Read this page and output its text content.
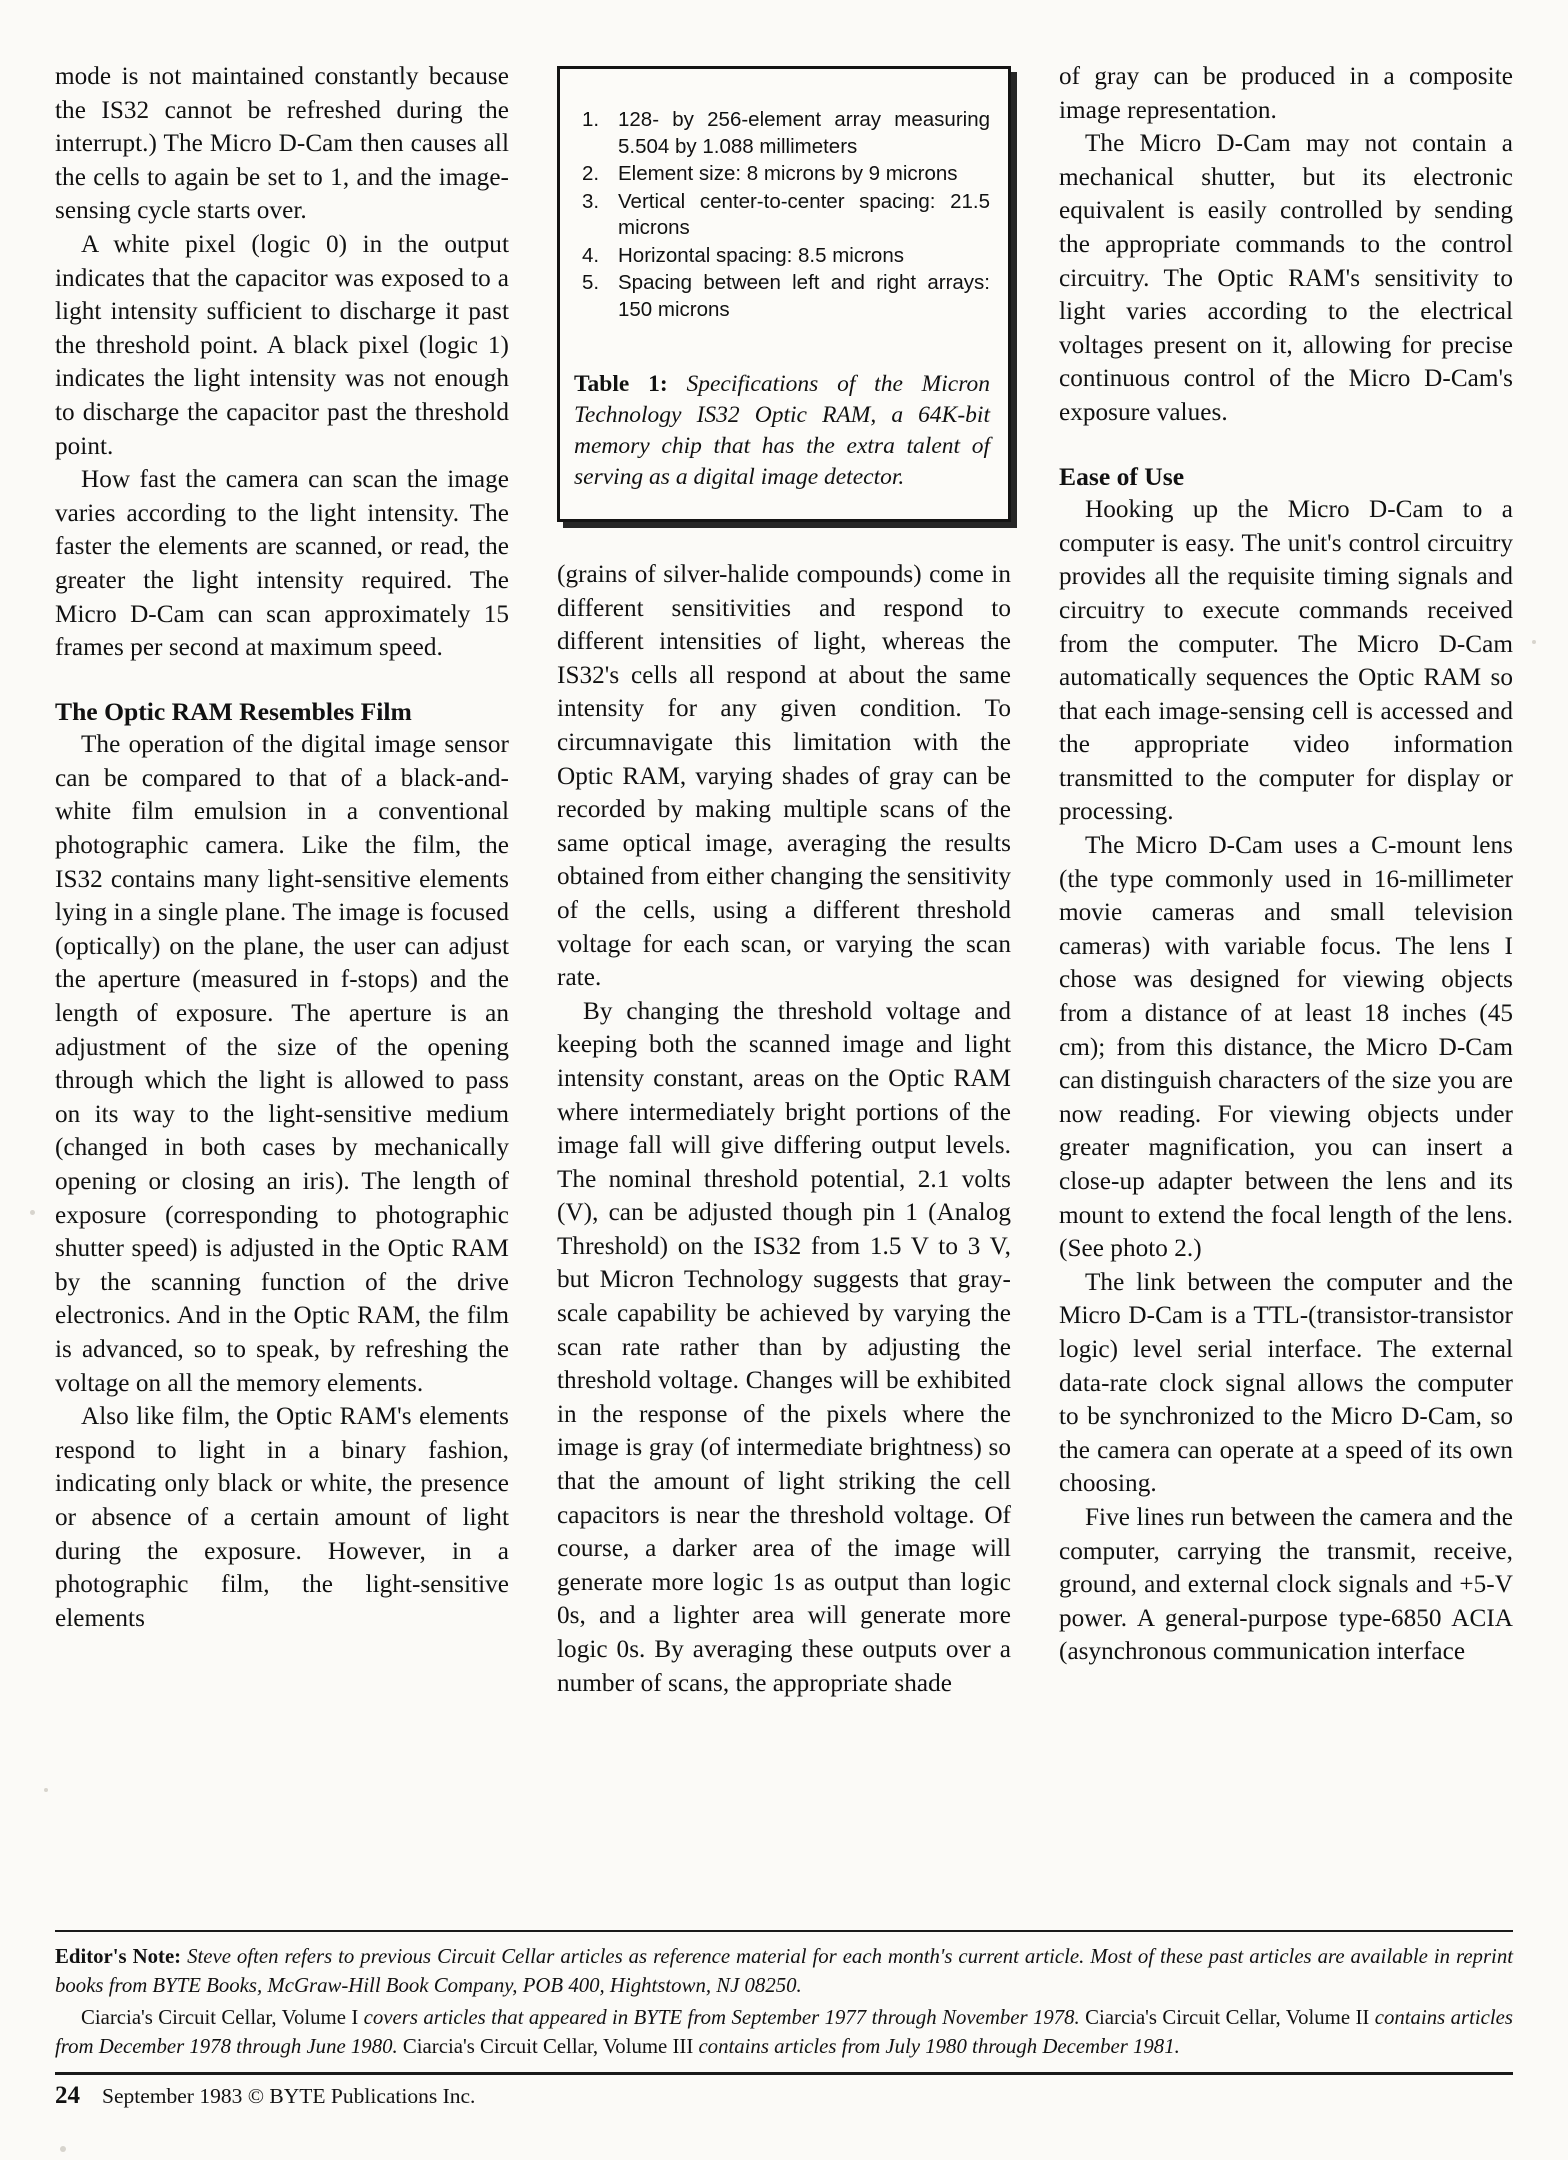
mode is not maintained constantly because the IS32 cannot be refreshed during the interrupt.) The Micro D-Cam then causes all the cells to again be set to 1, and the image-sensing cycle starts over.

A white pixel (logic 0) in the output indicates that the capacitor was exposed to a light intensity sufficient to discharge it past the threshold point. A black pixel (logic 1) indicates the light intensity was not enough to discharge the capacitor past the threshold point.

How fast the camera can scan the image varies according to the light intensity. The faster the elements are scanned, or read, the greater the light intensity required. The Micro D-Cam can scan approximately 15 frames per second at maximum speed.

The Optic RAM Resembles Film

The operation of the digital image sensor can be compared to that of a black-and-white film emulsion in a conventional photographic camera. Like the film, the IS32 contains many light-sensitive elements lying in a single plane. The image is focused (optically) on the plane, the user can adjust the aperture (measured in f-stops) and the length of exposure. The aperture is an adjustment of the size of the opening through which the light is allowed to pass on its way to the light-sensitive medium (changed in both cases by mechanically opening or closing an iris). The length of exposure (corresponding to photographic shutter speed) is adjusted in the Optic RAM by the scanning function of the drive electronics. And in the Optic RAM, the film is advanced, so to speak, by refreshing the voltage on all the memory elements.

Also like film, the Optic RAM's elements respond to light in a binary fashion, indicating only black or white, the presence or absence of a certain amount of light during the exposure. However, in a photographic film, the light-sensitive elements

128- by 256-element array measuring 5.504 by 1.088 millimeters
Element size: 8 microns by 9 microns
Vertical center-to-center spacing: 21.5 microns
Horizontal spacing: 8.5 microns
Spacing between left and right arrays: 150 microns

Table 1: Specifications of the Micron Technology IS32 Optic RAM, a 64K-bit memory chip that has the extra talent of serving as a digital image detector.

(grains of silver-halide compounds) come in different sensitivities and respond to different intensities of light, whereas the IS32's cells all respond at about the same intensity for any given condition. To circumnavigate this limitation with the Optic RAM, varying shades of gray can be recorded by making multiple scans of the same optical image, averaging the results obtained from either changing the sensitivity of the cells, using a different threshold voltage for each scan, or varying the scan rate.

By changing the threshold voltage and keeping both the scanned image and light intensity constant, areas on the Optic RAM where intermediately bright portions of the image fall will give differing output levels. The nominal threshold potential, 2.1 volts (V), can be adjusted though pin 1 (Analog Threshold) on the IS32 from 1.5 V to 3 V, but Micron Technology suggests that gray-scale capability be achieved by varying the scan rate rather than by adjusting the threshold voltage. Changes will be exhibited in the response of the pixels where the image is gray (of intermediate brightness) so that the amount of light striking the cell capacitors is near the threshold voltage. Of course, a darker area of the image will generate more logic 1s as output than logic 0s, and a lighter area will generate more logic 0s. By averaging these outputs over a number of scans, the appropriate shade

of gray can be produced in a composite image representation.

The Micro D-Cam may not contain a mechanical shutter, but its electronic equivalent is easily controlled by sending the appropriate commands to the control circuitry. The Optic RAM's sensitivity to light varies according to the electrical voltages present on it, allowing for precise continuous control of the Micro D-Cam's exposure values.

Ease of Use

Hooking up the Micro D-Cam to a computer is easy. The unit's control circuitry provides all the requisite timing signals and circuitry to execute commands received from the computer. The Micro D-Cam automatically sequences the Optic RAM so that each image-sensing cell is accessed and the appropriate video information transmitted to the computer for display or processing.

The Micro D-Cam uses a C-mount lens (the type commonly used in 16-millimeter movie cameras and small television cameras) with variable focus. The lens I chose was designed for viewing objects from a distance of at least 18 inches (45 cm); from this distance, the Micro D-Cam can distinguish characters of the size you are now reading. For viewing objects under greater magnification, you can insert a close-up adapter between the lens and its mount to extend the focal length of the lens. (See photo 2.)

The link between the computer and the Micro D-Cam is a TTL-(transistor-transistor logic) level serial interface. The external data-rate clock signal allows the computer to be synchronized to the Micro D-Cam, so the camera can operate at a speed of its own choosing.

Five lines run between the camera and the computer, carrying the transmit, receive, ground, and external clock signals and +5-V power. A general-purpose type-6850 ACIA (asynchronous communication interface

Editor's Note: Steve often refers to previous Circuit Cellar articles as reference material for each month's current article. Most of these past articles are available in reprint books from BYTE Books, McGraw-Hill Book Company, POB 400, Hightstown, NJ 08250.

Ciarcia's Circuit Cellar, Volume I covers articles that appeared in BYTE from September 1977 through November 1978. Ciarcia's Circuit Cellar, Volume II contains articles from December 1978 through June 1980. Ciarcia's Circuit Cellar, Volume III contains articles from July 1980 through December 1981.

24 September 1983 © BYTE Publications Inc.
